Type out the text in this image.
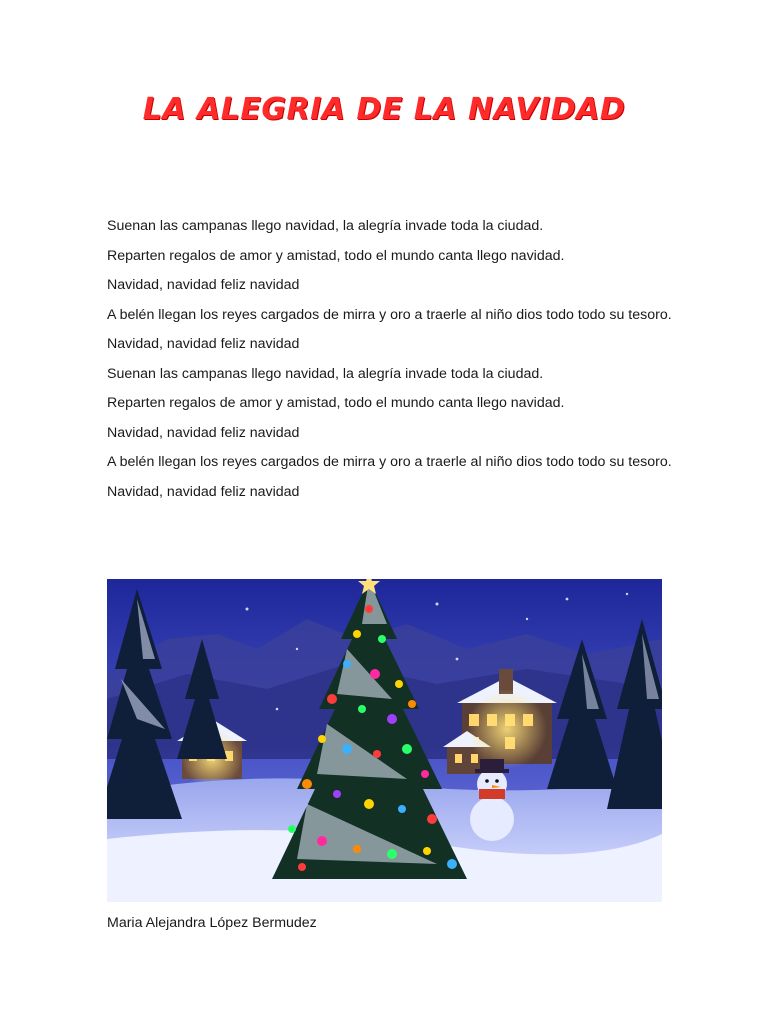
LA ALEGRIA DE LA NAVIDAD

Suenan las campanas llego navidad, la alegría invade toda la ciudad.

Reparten regalos de amor y amistad, todo el mundo canta llego navidad.

Navidad, navidad feliz navidad

A belén llegan los reyes cargados de mirra y oro a traerle al niño dios todo todo su tesoro.

Navidad, navidad feliz navidad

Suenan las campanas llego navidad, la alegría invade toda la ciudad.

Reparten regalos de amor y amistad, todo el mundo canta llego navidad.

Navidad, navidad feliz navidad

A belén llegan los reyes cargados de mirra y oro a traerle al niño dios todo todo su tesoro.

Navidad, navidad feliz navidad

Maria Alejandra López Bermudez
